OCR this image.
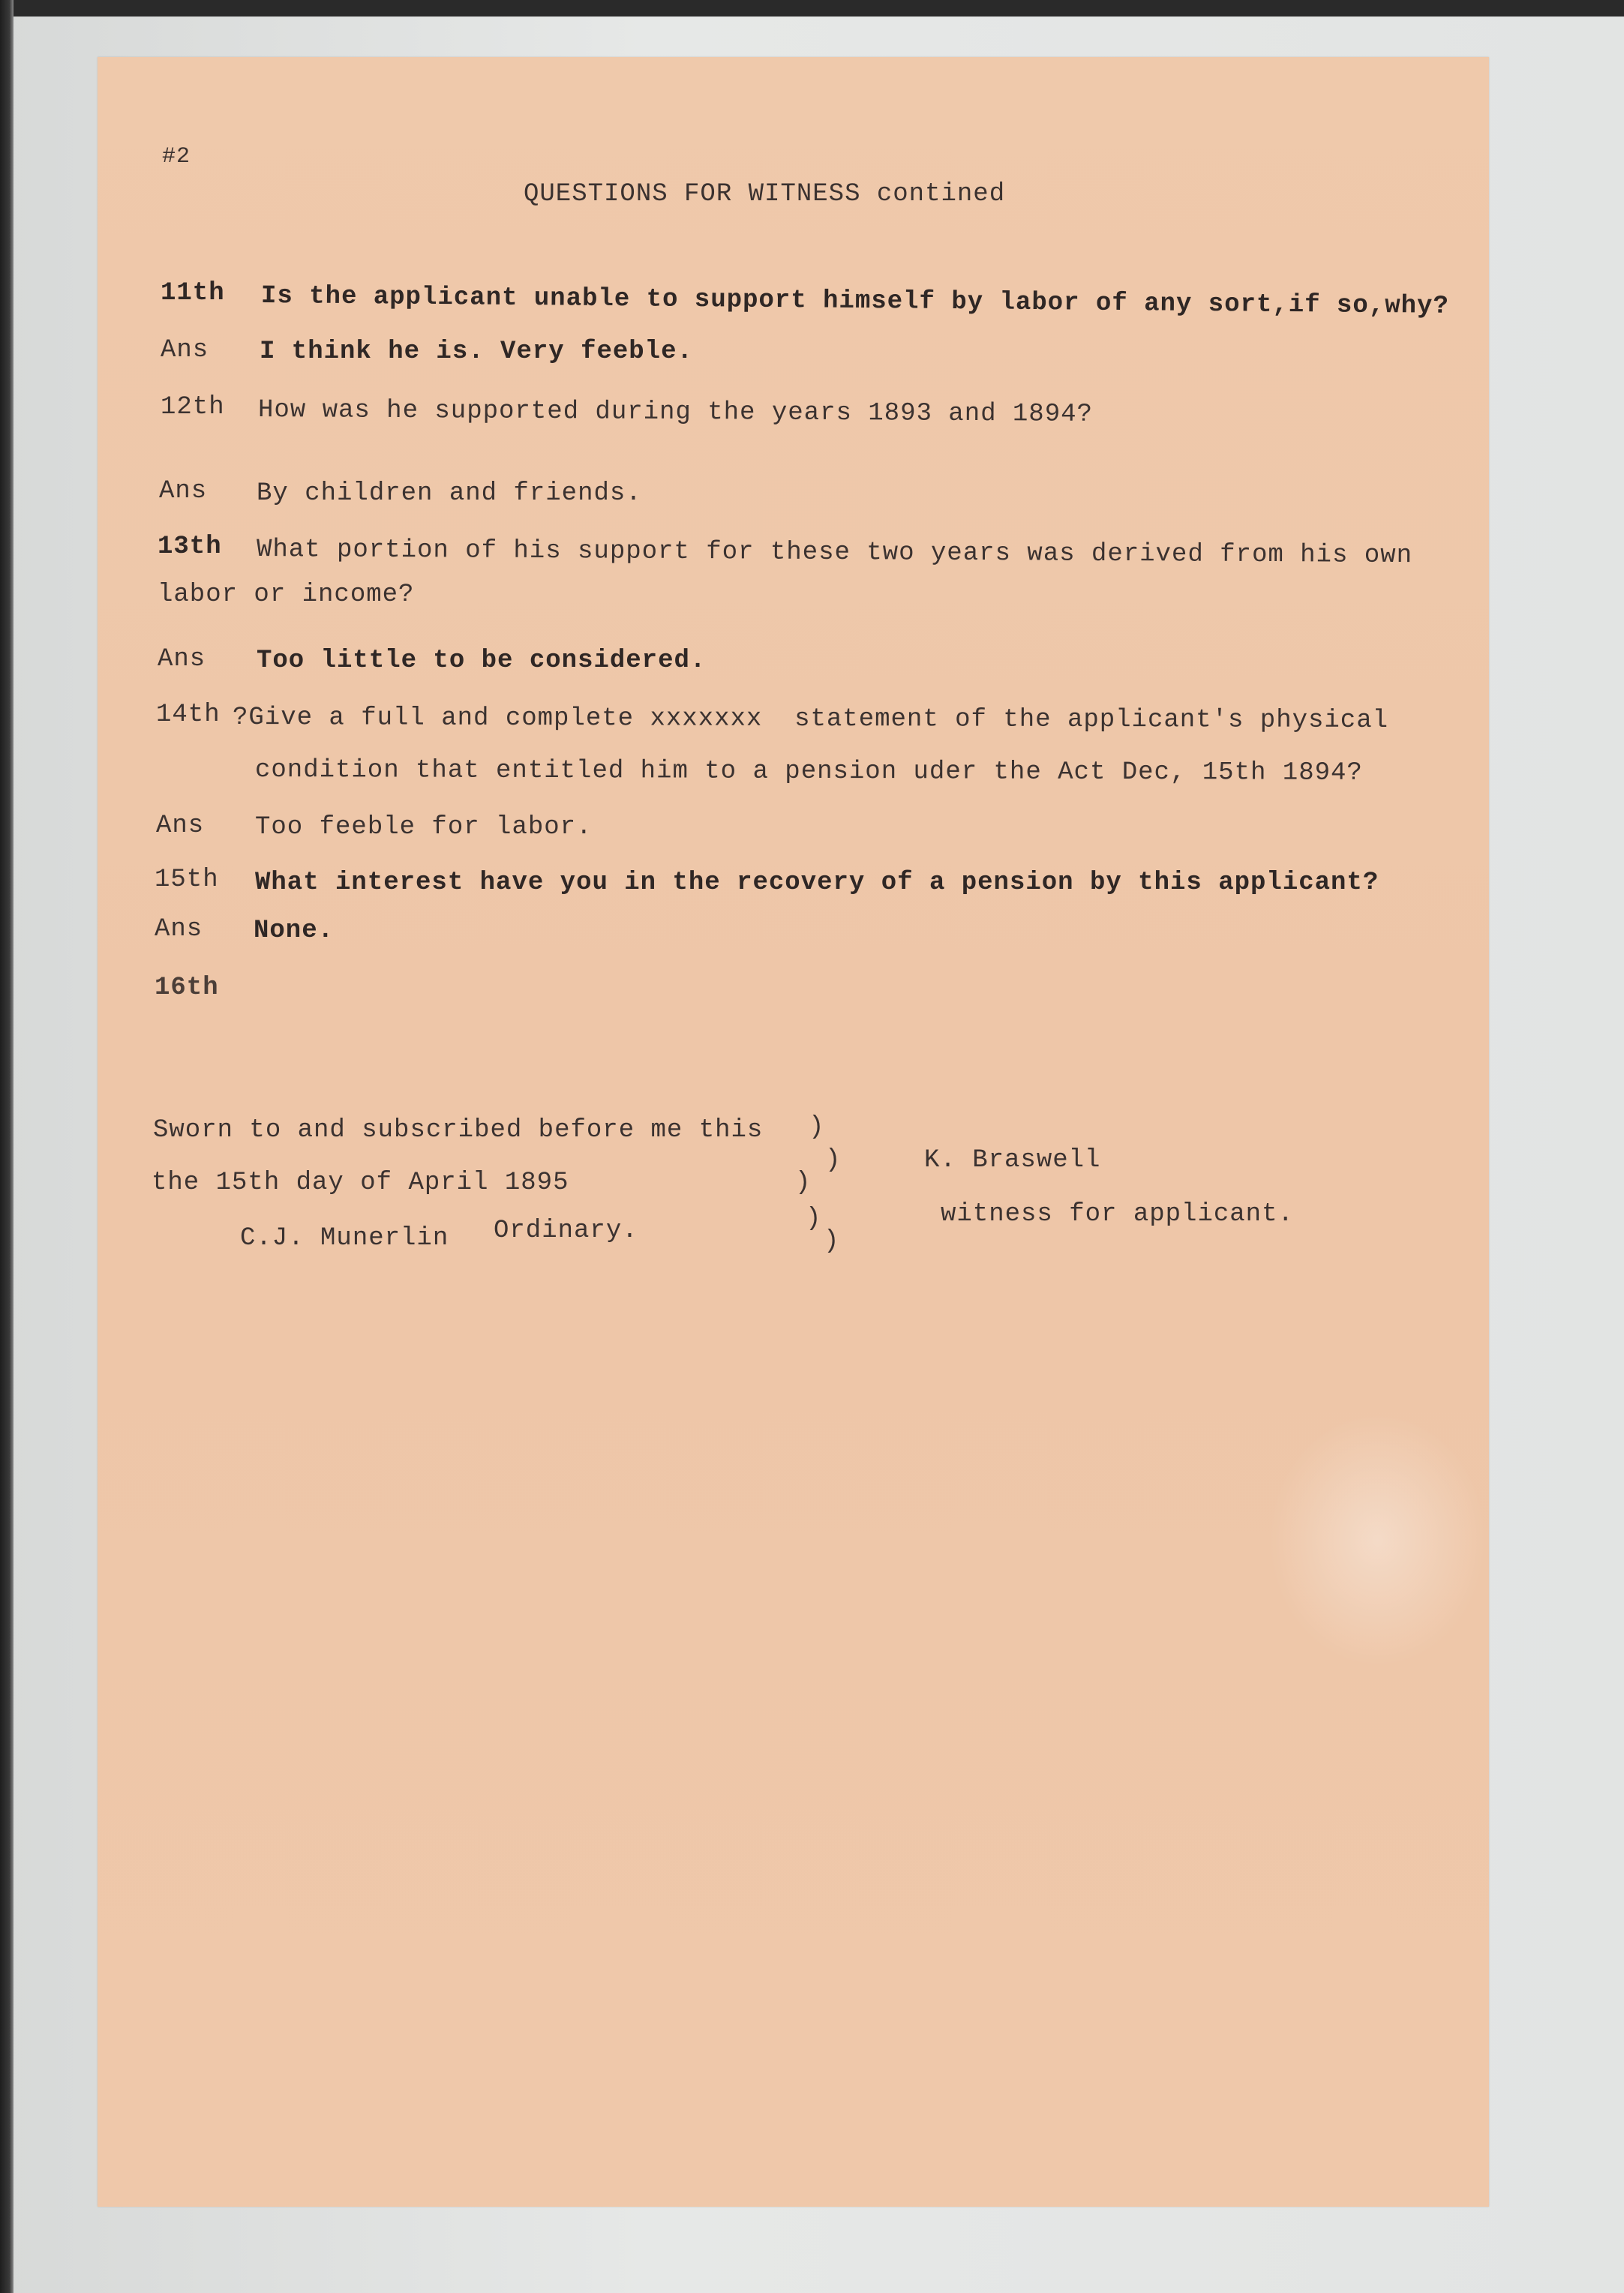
#2
QUESTIONS FOR WITNESS contined
11th Is the applicant unable to support himself by labor of any sort,if so,why?
Ans I think he is. Very feeble.
12th How was he supported during the years 1893 and 1894?
Ans By children and friends.
13th What portion of his support for these two years was derived from his own
labor or income?
Ans Too little to be considered.
14th ?Give a full and complete xxxxxxx  statement of the applicant's physical
condition that entitled him to a pension uder the Act Dec, 15th 1894?
Ans Too feeble for labor.
15th What interest have you in the recovery of a pension by this applicant?
Ans None.
16th
Sworn to and subscribed before me this
the 15th day of April 1895
C.J. Munerlin Ordinary.
)
)
)
)
)
K. Braswell
witness for applicant.
